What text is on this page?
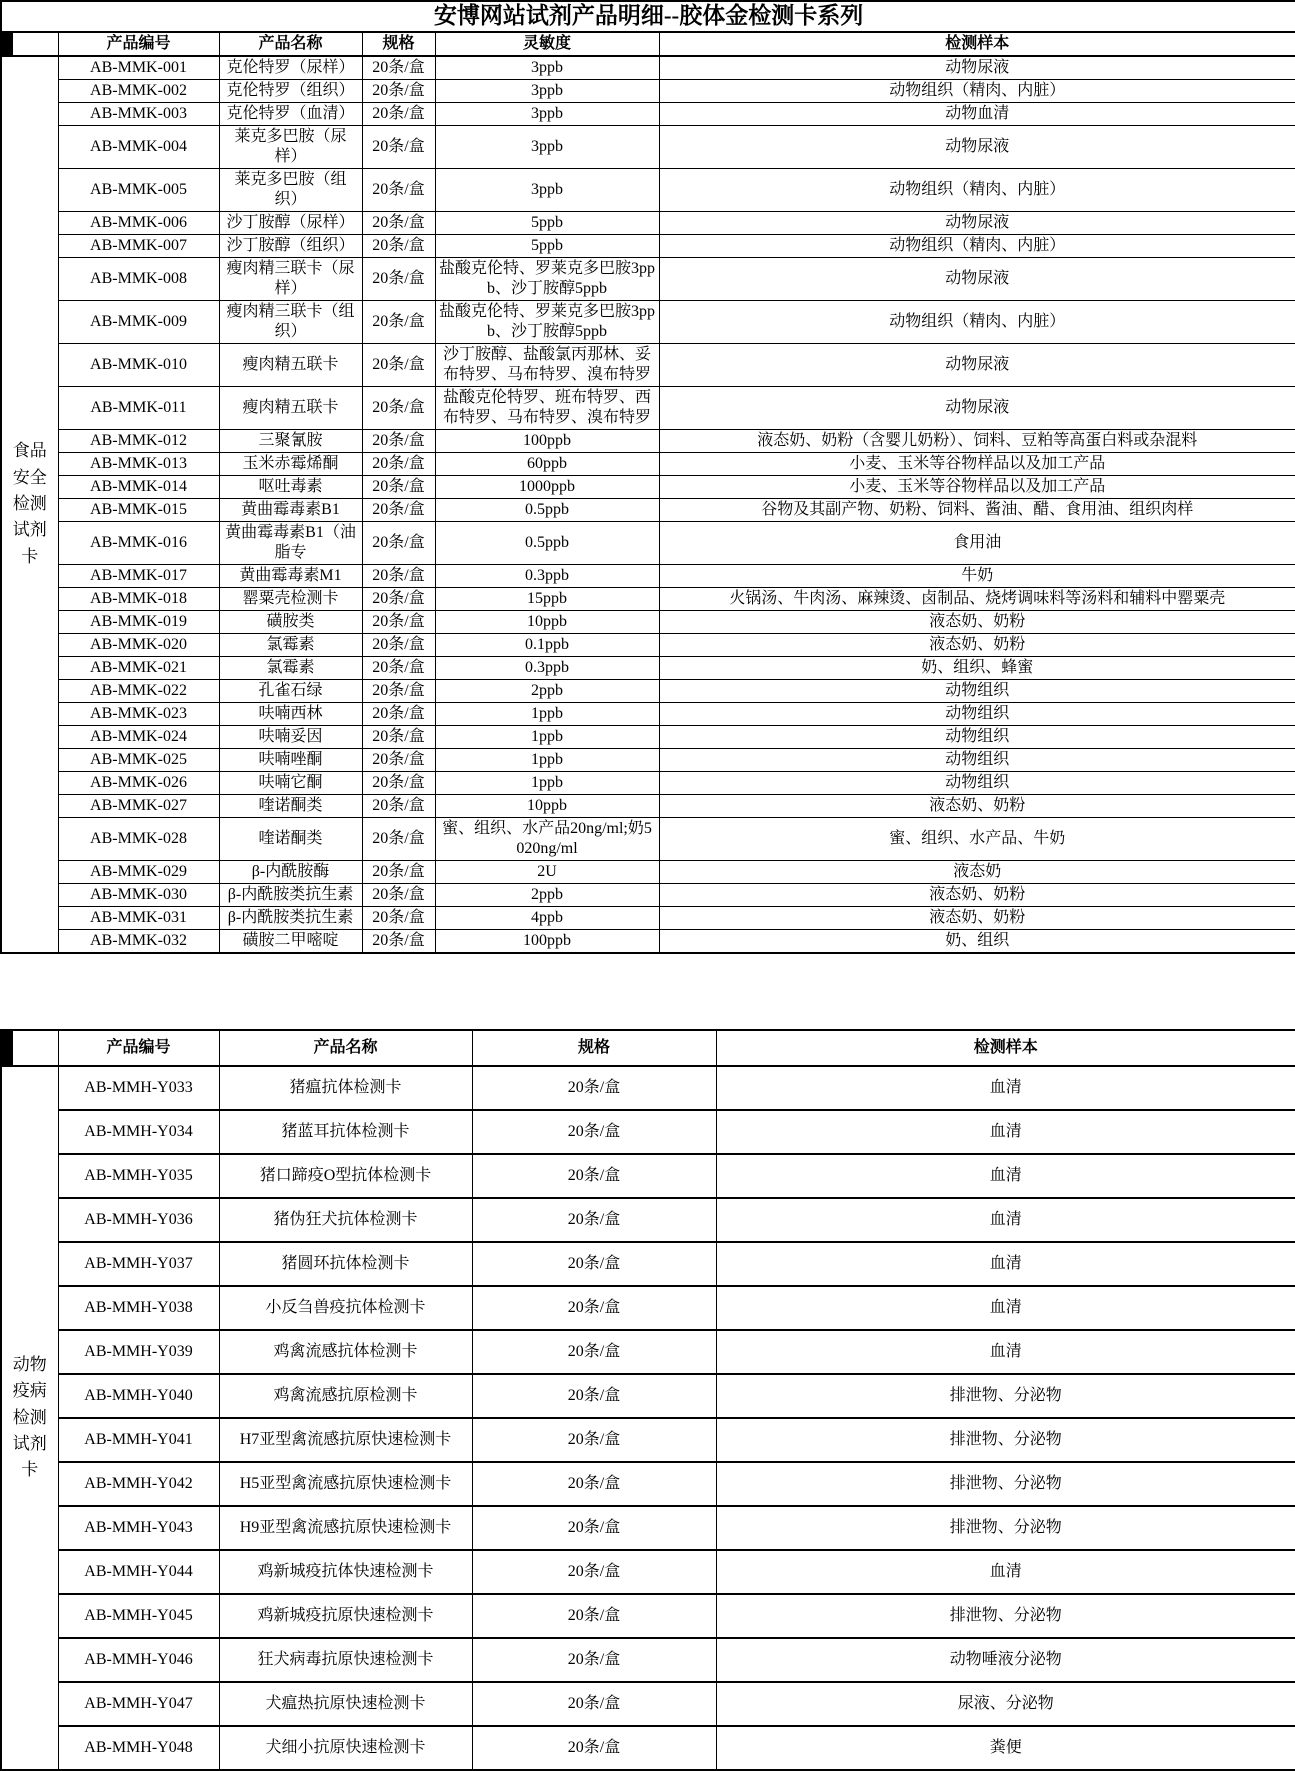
安博网站试剂产品明细--胶体金检测卡系列					
	产品编号	产品名称	规格	灵敏度	检测样本
食品安全检测试剂卡	AB-MMK-001	克伦特罗（尿样）	20条/盒	3ppb	动物尿液
	AB-MMK-002	克伦特罗（组织）	20条/盒	3ppb	动物组织（精肉、内脏）
	AB-MMK-003	克伦特罗（血清）	20条/盒	3ppb	动物血清
	AB-MMK-004	莱克多巴胺（尿样）	20条/盒	3ppb	动物尿液
	AB-MMK-005	莱克多巴胺（组织）	20条/盒	3ppb	动物组织（精肉、内脏）
	AB-MMK-006	沙丁胺醇（尿样）	20条/盒	5ppb	动物尿液
	AB-MMK-007	沙丁胺醇（组织）	20条/盒	5ppb	动物组织（精肉、内脏）
	AB-MMK-008	瘦肉精三联卡（尿样）	20条/盒	盐酸克伦特、罗莱克多巴胺3ppb、沙丁胺醇5ppb	动物尿液
	AB-MMK-009	瘦肉精三联卡（组织）	20条/盒	盐酸克伦特、罗莱克多巴胺3ppb、沙丁胺醇5ppb	动物组织（精肉、内脏）
	AB-MMK-010	瘦肉精五联卡	20条/盒	沙丁胺醇、盐酸氯丙那林、妥布特罗、马布特罗、溴布特罗	动物尿液
	AB-MMK-011	瘦肉精五联卡	20条/盒	盐酸克伦特罗、班布特罗、西布特罗、马布特罗、溴布特罗	动物尿液
	AB-MMK-012	三聚氰胺	20条/盒	100ppb	液态奶、奶粉（含婴儿奶粉）、饲料、豆粕等高蛋白料或杂混料
	AB-MMK-013	玉米赤霉烯酮	20条/盒	60ppb	小麦、玉米等谷物样品以及加工产品
	AB-MMK-014	呕吐毒素	20条/盒	1000ppb	小麦、玉米等谷物样品以及加工产品
	AB-MMK-015	黄曲霉毒素B1	20条/盒	0.5ppb	谷物及其副产物、奶粉、饲料、酱油、醋、食用油、组织肉样
	AB-MMK-016	黄曲霉毒素B1（油脂专	20条/盒	0.5ppb	食用油
	AB-MMK-017	黄曲霉毒素M1	20条/盒	0.3ppb	牛奶
	AB-MMK-018	罂粟壳检测卡	20条/盒	15ppb	火锅汤、牛肉汤、麻辣烫、卤制品、烧烤调味料等汤料和辅料中罂粟壳
	AB-MMK-019	磺胺类	20条/盒	10ppb	液态奶、奶粉
	AB-MMK-020	氯霉素	20条/盒	0.1ppb	液态奶、奶粉
	AB-MMK-021	氯霉素	20条/盒	0.3ppb	奶、组织、蜂蜜
	AB-MMK-022	孔雀石绿	20条/盒	2ppb	动物组织
	AB-MMK-023	呋喃西林	20条/盒	1ppb	动物组织
	AB-MMK-024	呋喃妥因	20条/盒	1ppb	动物组织
	AB-MMK-025	呋喃唑酮	20条/盒	1ppb	动物组织
	AB-MMK-026	呋喃它酮	20条/盒	1ppb	动物组织
	AB-MMK-027	喹诺酮类	20条/盒	10ppb	液态奶、奶粉
	AB-MMK-028	喹诺酮类	20条/盒	蜜、组织、水产品20ng/ml;奶5020ng/ml	蜜、组织、水产品、牛奶
	AB-MMK-029	β-内酰胺酶	20条/盒	2U	液态奶
	AB-MMK-030	β-内酰胺类抗生素	20条/盒	2ppb	液态奶、奶粉
	AB-MMK-031	β-内酰胺类抗生素	20条/盒	4ppb	液态奶、奶粉
	AB-MMK-032	磺胺二甲嘧啶	20条/盒	100ppb	奶、组织
	产品编号	产品名称	规格	检测样本
动物疫病检测试剂卡	AB-MMH-Y033	猪瘟抗体检测卡	20条/盒	血清
	AB-MMH-Y034	猪蓝耳抗体检测卡	20条/盒	血清
	AB-MMH-Y035	猪口蹄疫O型抗体检测卡	20条/盒	血清
	AB-MMH-Y036	猪伪狂犬抗体检测卡	20条/盒	血清
	AB-MMH-Y037	猪圆环抗体检测卡	20条/盒	血清
	AB-MMH-Y038	小反刍兽疫抗体检测卡	20条/盒	血清
	AB-MMH-Y039	鸡禽流感抗体检测卡	20条/盒	血清
	AB-MMH-Y040	鸡禽流感抗原检测卡	20条/盒	排泄物、分泌物
	AB-MMH-Y041	H7亚型禽流感抗原快速检测卡	20条/盒	排泄物、分泌物
	AB-MMH-Y042	H5亚型禽流感抗原快速检测卡	20条/盒	排泄物、分泌物
	AB-MMH-Y043	H9亚型禽流感抗原快速检测卡	20条/盒	排泄物、分泌物
	AB-MMH-Y044	鸡新城疫抗体快速检测卡	20条/盒	血清
	AB-MMH-Y045	鸡新城疫抗原快速检测卡	20条/盒	排泄物、分泌物
	AB-MMH-Y046	狂犬病毒抗原快速检测卡	20条/盒	动物唾液分泌物
	AB-MMH-Y047	犬瘟热抗原快速检测卡	20条/盒	尿液、分泌物
	AB-MMH-Y048	犬细小抗原快速检测卡	20条/盒	粪便
